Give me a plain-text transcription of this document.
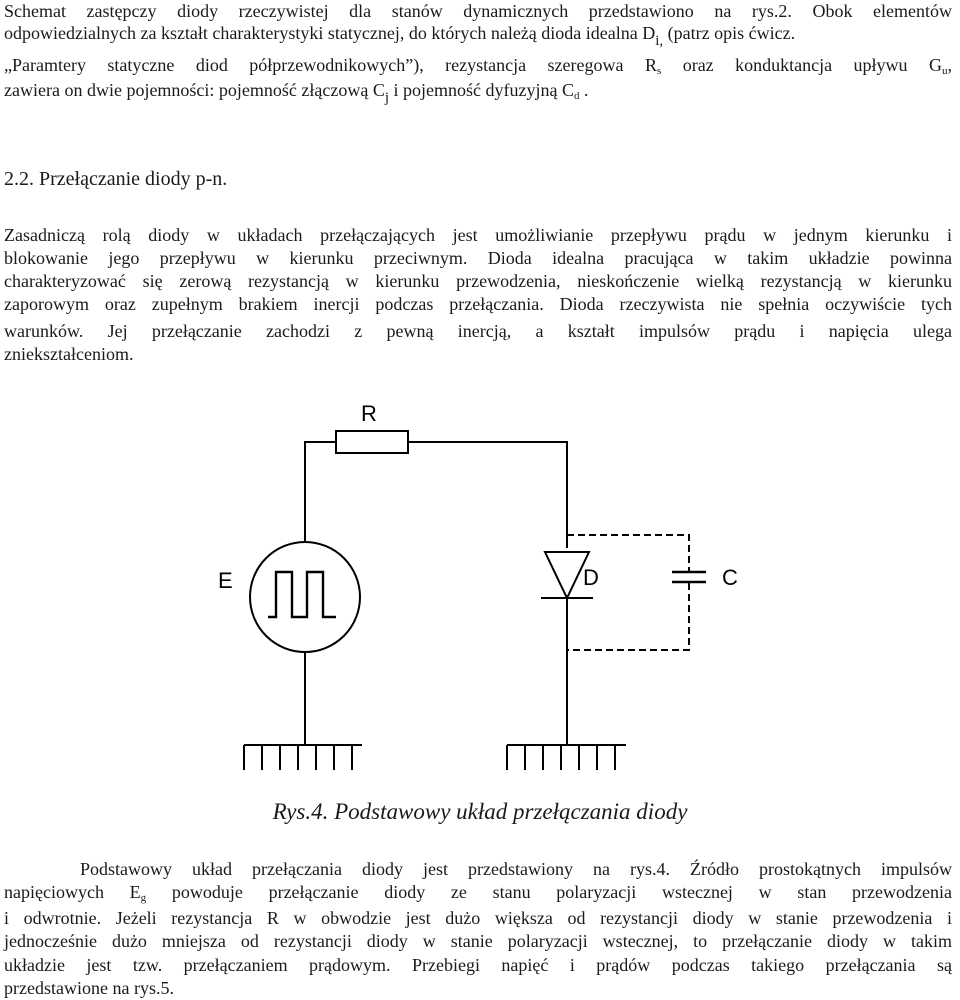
Schemat zastępczy diody rzeczywistej dla stanów dynamicznych przedstawiono na rys.2. Obok elementów
odpowiedzialnych za kształt charakterystyki statycznej, do których należą dioda idealna $D_{i,}$ (patrz opis ćwicz.
„Paramtery statyczne diod półprzewodnikowych”), rezystancja szeregowa $R_s$ oraz konduktancja upływu $G_u$,
zawiera on dwie pojemności: pojemność złączową $C_j$ i pojemność dyfuzyjną $C_d$ .
2.2. Przełączanie diody p-n.
Zasadniczą rolą diody w układach przełączających jest umożliwianie przepływu prądu w jednym kierunku i
blokowanie jego przepływu w kierunku przeciwnym. Dioda idealna pracująca w takim układzie powinna
charakteryzować się zerową rezystancją w kierunku przewodzenia, nieskończenie wielką rezystancją w kierunku
zaporowym oraz zupełnym brakiem inercji podczas przełączania. Dioda rzeczywista nie spełnia oczywiście tych
warunków. Jej przełączanie zachodzi z pewną inercją, a kształt impulsów prądu i napięcia ulega
zniekształceniom.
R
E	D	C
Rys.4. Podstawowy układ przełączania diody
Podstawowy układ przełączania diody jest przedstawiony na rys.4. Źródło prostokątnych impulsów
napięciowych $E_g$ powoduje przełączanie diody ze stanu polaryzacji wstecznej w stan przewodzenia
i odwrotnie. Jeżeli rezystancja R w obwodzie jest dużo większa od rezystancji diody w stanie przewodzenia i
jednocześnie dużo mniejsza od rezystancji diody w stanie polaryzacji wstecznej, to przełączanie diody w takim
układzie jest tzw. przełączaniem prądowym. Przebiegi napięć i prądów podczas takiego przełączania są
przedstawione na rys.5.
